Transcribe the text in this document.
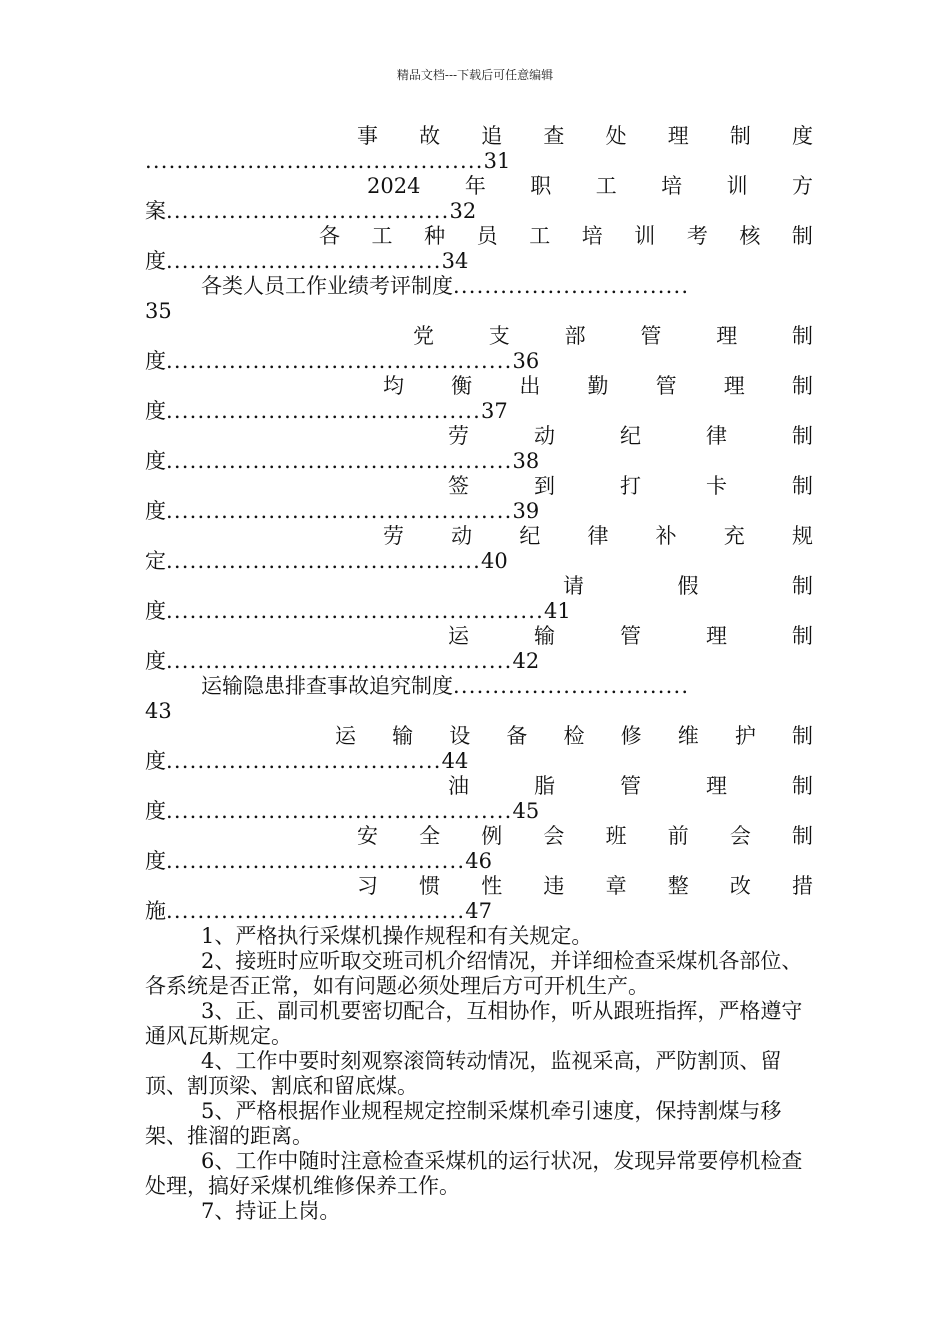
精品文档---下载后可任意编辑
事 故 追 查 处 理 制 度
...........................................31
2024 年 职 工 培 训 方
案....................................32
各 工 种 员 工 培 训 考 核 制
度...................................34
各类人员工作业绩考评制度..............................
35
党	支	部	管	理	制
度............................................36
均 衡 出 勤 管 理 制
度........................................37
劳	动	纪	律	制
度............................................38
签	到	打	卡	制
度............................................39
劳 动 纪 律 补 充 规
定........................................40
请	假	制
度................................................41
运	输	管	理	制
度............................................42
运输隐患排查事故追究制度..............................
43
运 输 设 备 检 修 维 护 制
度...................................44
油	脂	管	理	制
度............................................45
安 全 例 会 班 前 会 制
度......................................46
习 惯 性 违 章 整 改 措
施......................................47
1、严格执行采煤机操作规程和有关规定。
2、接班时应听取交班司机介绍情况，并详细检查采煤机各部位、各系统是否正常，如有问题必须处理后方可开机生产。
3、正、副司机要密切配合，互相协作，听从跟班指挥，严格遵守通风瓦斯规定。
4、工作中要时刻观察滚筒转动情况，监视采高，严防割顶、留顶、割顶梁、割底和留底煤。
5、严格根据作业规程规定控制采煤机牵引速度，保持割煤与移架、推溜的距离。
6、工作中随时注意检查采煤机的运行状况，发现异常要停机检查处理，搞好采煤机维修保养工作。
7、持证上岗。
